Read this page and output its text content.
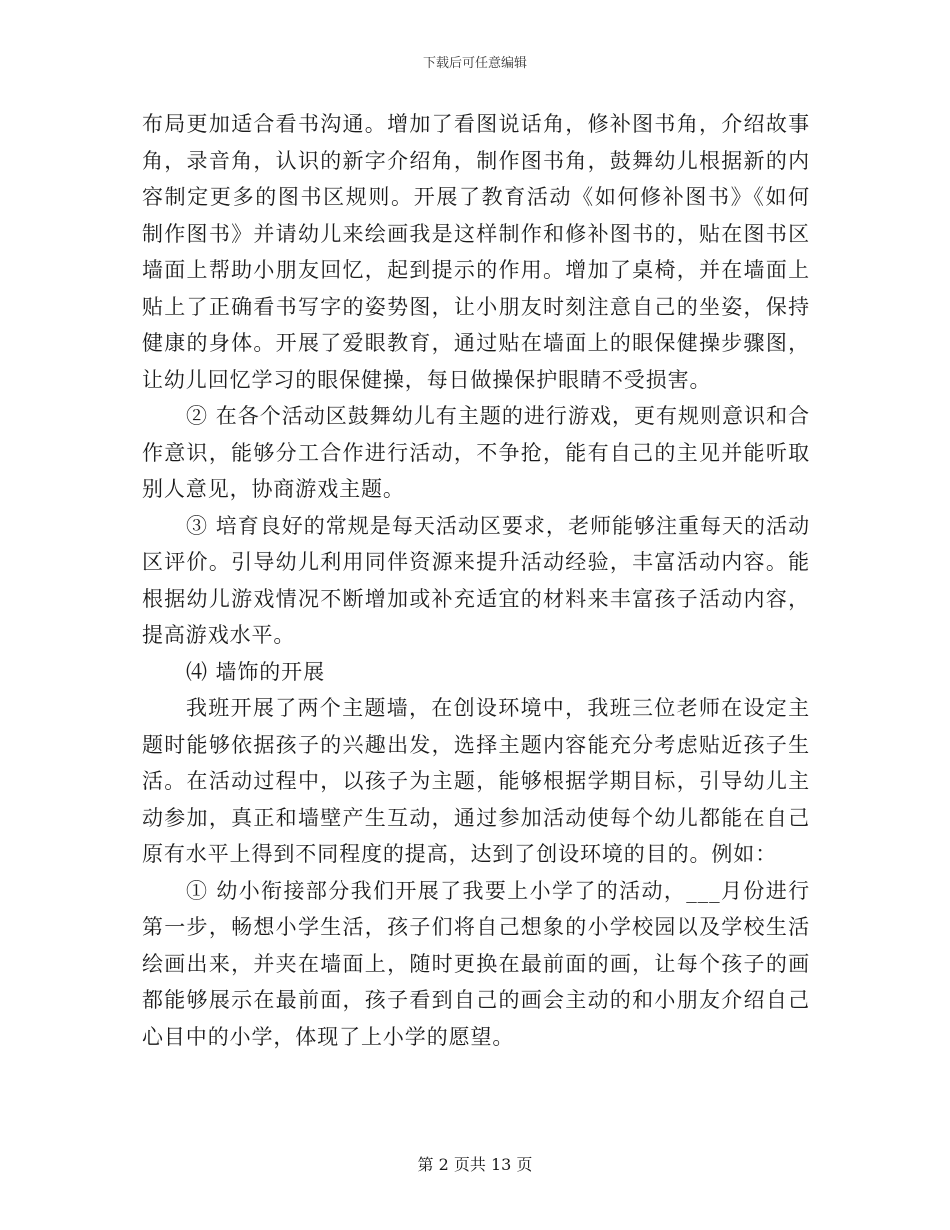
下载后可任意编辑

布局更加适合看书沟通。增加了看图说话角，修补图书角，介绍故事角，录音角，认识的新字介绍角，制作图书角，鼓舞幼儿根据新的内容制定更多的图书区规则。开展了教育活动《如何修补图书》《如何制作图书》并请幼儿来绘画我是这样制作和修补图书的，贴在图书区墙面上帮助小朋友回忆，起到提示的作用。增加了桌椅，并在墙面上贴上了正确看书写字的姿势图，让小朋友时刻注意自己的坐姿，保持健康的身体。开展了爱眼教育，通过贴在墙面上的眼保健操步骤图，让幼儿回忆学习的眼保健操，每日做操保护眼睛不受损害。

② 在各个活动区鼓舞幼儿有主题的进行游戏，更有规则意识和合作意识，能够分工合作进行活动，不争抢，能有自己的主见并能听取别人意见，协商游戏主题。

③ 培育良好的常规是每天活动区要求，老师能够注重每天的活动区评价。引导幼儿利用同伴资源来提升活动经验，丰富活动内容。能根据幼儿游戏情况不断增加或补充适宜的材料来丰富孩子活动内容，提高游戏水平。

⑷ 墙饰的开展

我班开展了两个主题墙，在创设环境中，我班三位老师在设定主题时能够依据孩子的兴趣出发，选择主题内容能充分考虑贴近孩子生活。在活动过程中，以孩子为主题，能够根据学期目标，引导幼儿主动参加，真正和墙壁产生互动，通过参加活动使每个幼儿都能在自己原有水平上得到不同程度的提高，达到了创设环境的目的。例如：

① 幼小衔接部分我们开展了我要上小学了的活动，___月份进行第一步，畅想小学生活，孩子们将自己想象的小学校园以及学校生活绘画出来，并夹在墙面上，随时更换在最前面的画，让每个孩子的画都能够展示在最前面，孩子看到自己的画会主动的和小朋友介绍自己心目中的小学，体现了上小学的愿望。

第 2 页共 13 页
